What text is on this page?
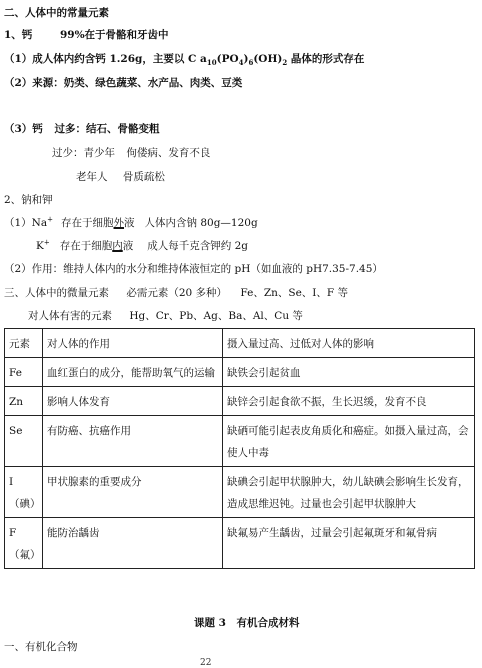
二、人体中的常量元素
1、钙	99%在于骨骼和牙齿中
（1）成人体内约含钙 1.26g，主要以 C $a_{10}(PO_4)_6(OH)_2$ 晶体的形式存在
（2）来源：奶类、绿色蔬菜、水产品、肉类、豆类
（3）钙 过多：结石、骨骼变粗
过少：青少年 佝偻病、发育不良
老年人 骨质疏松
2、钠和钾
（1）Na+ 存在于细胞外液 人体内含钠 80g—120g
K+ 存在于细胞内液 成人每千克含钾约 2g
（2）作用：维持人体内的水分和维持体液恒定的 pH（如血液的 pH7.35-7.45）
三、人体中的微量元素 必需元素（20 多种） Fe、Zn、Se、I、F 等
对人体有害的元素 Hg、Cr、Pb、Ag、Ba、Al、Cu 等
元素	对人体的作用	摄入量过高、过低对人体的影响
Fe	血红蛋白的成分，能帮助氧气的运输	缺铁会引起贫血
Zn	影响人体发育	缺锌会引起食欲不振，生长迟缓，发育不良
Se	有防癌、抗癌作用	缺硒可能引起表皮角质化和癌症。如摄入量过高，会使人中毒
I（碘）	甲状腺素的重要成分	缺碘会引起甲状腺肿大，幼儿缺碘会影响生长发育，造成思维迟钝。过量也会引起甲状腺肿大
F（氟）	能防治龋齿	缺氟易产生龋齿，过量会引起氟斑牙和氟骨病
课题 3　有机合成材料
一、有机化合物
22
